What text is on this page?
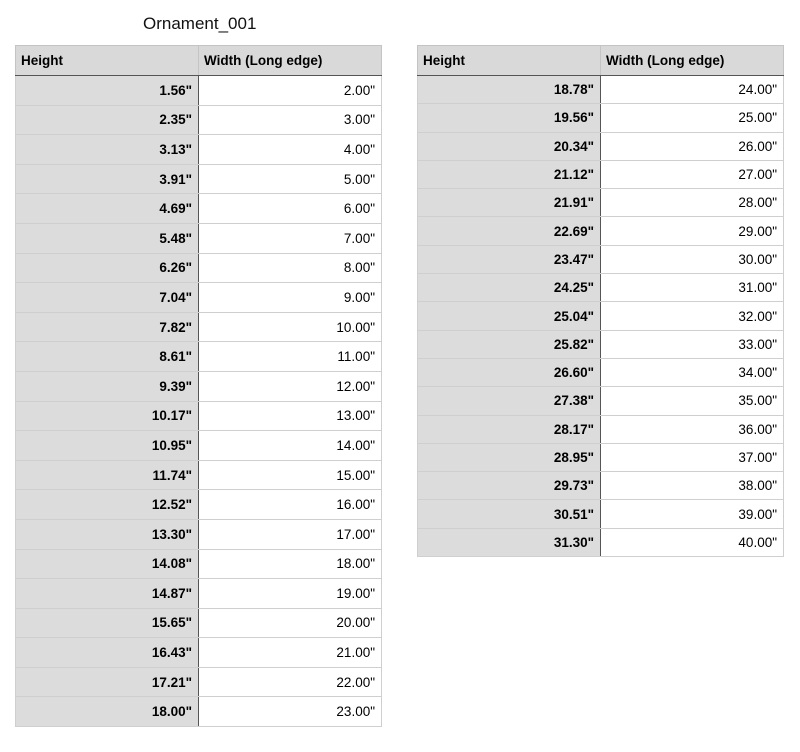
Ornament_001
Height	Width (Long edge)
1.56"	2.00"
2.35"	3.00"
3.13"	4.00"
3.91"	5.00"
4.69"	6.00"
5.48"	7.00"
6.26"	8.00"
7.04"	9.00"
7.82"	10.00"
8.61"	11.00"
9.39"	12.00"
10.17"	13.00"
10.95"	14.00"
11.74"	15.00"
12.52"	16.00"
13.30"	17.00"
14.08"	18.00"
14.87"	19.00"
15.65"	20.00"
16.43"	21.00"
17.21"	22.00"
18.00"	23.00"
Height	Width (Long edge)
18.78"	24.00"
19.56"	25.00"
20.34"	26.00"
21.12"	27.00"
21.91"	28.00"
22.69"	29.00"
23.47"	30.00"
24.25"	31.00"
25.04"	32.00"
25.82"	33.00"
26.60"	34.00"
27.38"	35.00"
28.17"	36.00"
28.95"	37.00"
29.73"	38.00"
30.51"	39.00"
31.30"	40.00"
